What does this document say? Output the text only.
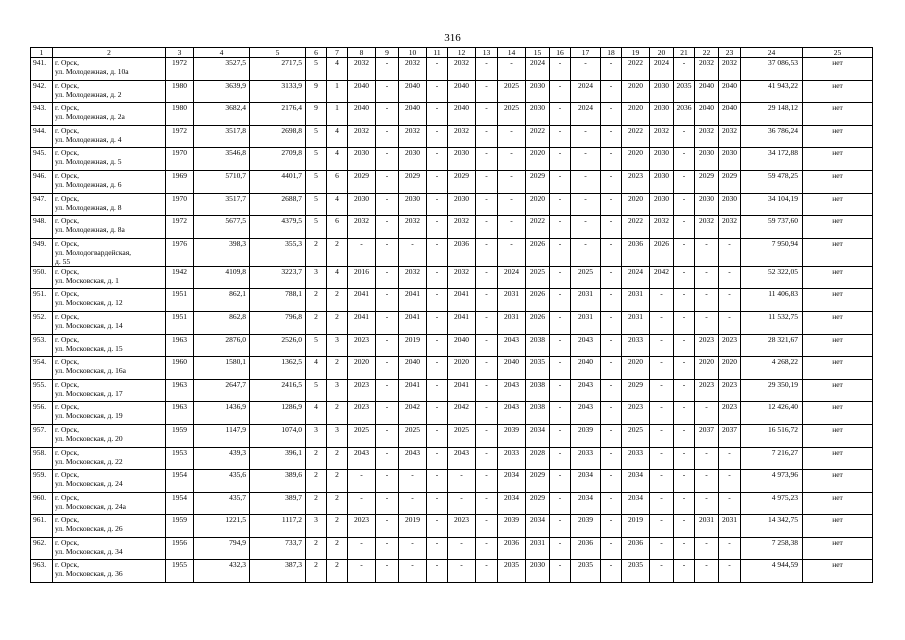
316
1	2	3	4	5	6	7	8	9	10	11	12	13	14	15	16	17	18	19	20	21	22	23	24	25
941.	г. Орск,
ул. Молодежная, д. 10а	1972	3527,5	2717,5	5	4	2032	-	2032	-	2032	-	-	2024	-	-	-	2022	2024	-	2032	2032	37 086,53	нет
942.	г. Орск,
ул. Молодежная, д. 2	1980	3639,9	3133,9	9	1	2040	-	2040	-	2040	-	2025	2030	-	2024	-	2020	2030	2035	2040	2040	41 943,22	нет
943.	г. Орск,
ул. Молодежная, д. 2а	1980	3682,4	2176,4	9	1	2040	-	2040	-	2040	-	2025	2030	-	2024	-	2020	2030	2036	2040	2040	29 148,12	нет
944.	г. Орск,
ул. Молодежная, д. 4	1972	3517,8	2698,8	5	4	2032	-	2032	-	2032	-	-	2022	-	-	-	2022	2032	-	2032	2032	36 786,24	нет
945.	г. Орск,
ул. Молодежная, д. 5	1970	3546,8	2709,8	5	4	2030	-	2030	-	2030	-	-	2020	-	-	-	2020	2030	-	2030	2030	34 172,88	нет
946.	г. Орск,
ул. Молодежная, д. 6	1969	5710,7	4401,7	5	6	2029	-	2029	-	2029	-	-	2029	-	-	-	2023	2030	-	2029	2029	59 478,25	нет
947.	г. Орск,
ул. Молодежная, д. 8	1970	3517,7	2688,7	5	4	2030	-	2030	-	2030	-	-	2020	-	-	-	2020	2030	-	2030	2030	34 104,19	нет
948.	г. Орск,
ул. Молодежная, д. 8а	1972	5677,5	4379,5	5	6	2032	-	2032	-	2032	-	-	2022	-	-	-	2022	2032	-	2032	2032	59 737,60	нет
949.	г. Орск,
ул. Молодогвардейская,
д. 55	1976	398,3	355,3	2	2	-	-	-	-	2036	-	-	2026	-	-	-	2036	2026	-	-	-	7 950,94	нет
950.	г. Орск,
ул. Московская, д. 1	1942	4109,8	3223,7	3	4	2016	-	2032	-	2032	-	2024	2025	-	2025	-	2024	2042	-	-	-	52 322,05	нет
951.	г. Орск,
ул. Московская, д. 12	1951	862,1	788,1	2	2	2041	-	2041	-	2041	-	2031	2026	-	2031	-	2031	-	-	-	-	11 406,83	нет
952.	г. Орск,
ул. Московская, д. 14	1951	862,8	796,8	2	2	2041	-	2041	-	2041	-	2031	2026	-	2031	-	2031	-	-	-	-	11 532,75	нет
953.	г. Орск,
ул. Московская, д. 15	1963	2876,0	2526,0	5	3	2023	-	2019	-	2040	-	2043	2038	-	2043	-	2033	-	-	2023	2023	28 321,67	нет
954.	г. Орск,
ул. Московская, д. 16а	1960	1580,1	1362,5	4	2	2020	-	2040	-	2020	-	2040	2035	-	2040	-	2020	-	-	2020	2020	4 268,22	нет
955.	г. Орск,
ул. Московская, д. 17	1963	2647,7	2416,5	5	3	2023	-	2041	-	2041	-	2043	2038	-	2043	-	2029	-	-	2023	2023	29 350,19	нет
956.	г. Орск,
ул. Московская, д. 19	1963	1436,9	1286,9	4	2	2023	-	2042	-	2042	-	2043	2038	-	2043	-	2023	-	-	-	2023	12 426,40	нет
957.	г. Орск,
ул. Московская, д. 20	1959	1147,9	1074,0	3	3	2025	-	2025	-	2025	-	2039	2034	-	2039	-	2025	-	-	2037	2037	16 516,72	нет
958.	г. Орск,
ул. Московская, д. 22	1953	439,3	396,1	2	2	2043	-	2043	-	2043	-	2033	2028	-	2033	-	2033	-	-	-	-	7 216,27	нет
959.	г. Орск,
ул. Московская, д. 24	1954	435,6	389,6	2	2	-	-	-	-	-	-	2034	2029	-	2034	-	2034	-	-	-	-	4 973,96	нет
960.	г. Орск,
ул. Московская, д. 24а	1954	435,7	389,7	2	2	-	-	-	-	-	-	2034	2029	-	2034	-	2034	-	-	-	-	4 975,23	нет
961.	г. Орск,
ул. Московская, д. 26	1959	1221,5	1117,2	3	2	2023	-	2019	-	2023	-	2039	2034	-	2039	-	2019	-	-	2031	2031	14 342,75	нет
962.	г. Орск,
ул. Московская, д. 34	1956	794,9	733,7	2	2	-	-	-	-	-	-	2036	2031	-	2036	-	2036	-	-	-	-	7 258,38	нет
963.	г. Орск,
ул. Московская, д. 36	1955	432,3	387,3	2	2	-	-	-	-	-	-	2035	2030	-	2035	-	2035	-	-	-	-	4 944,59	нет
